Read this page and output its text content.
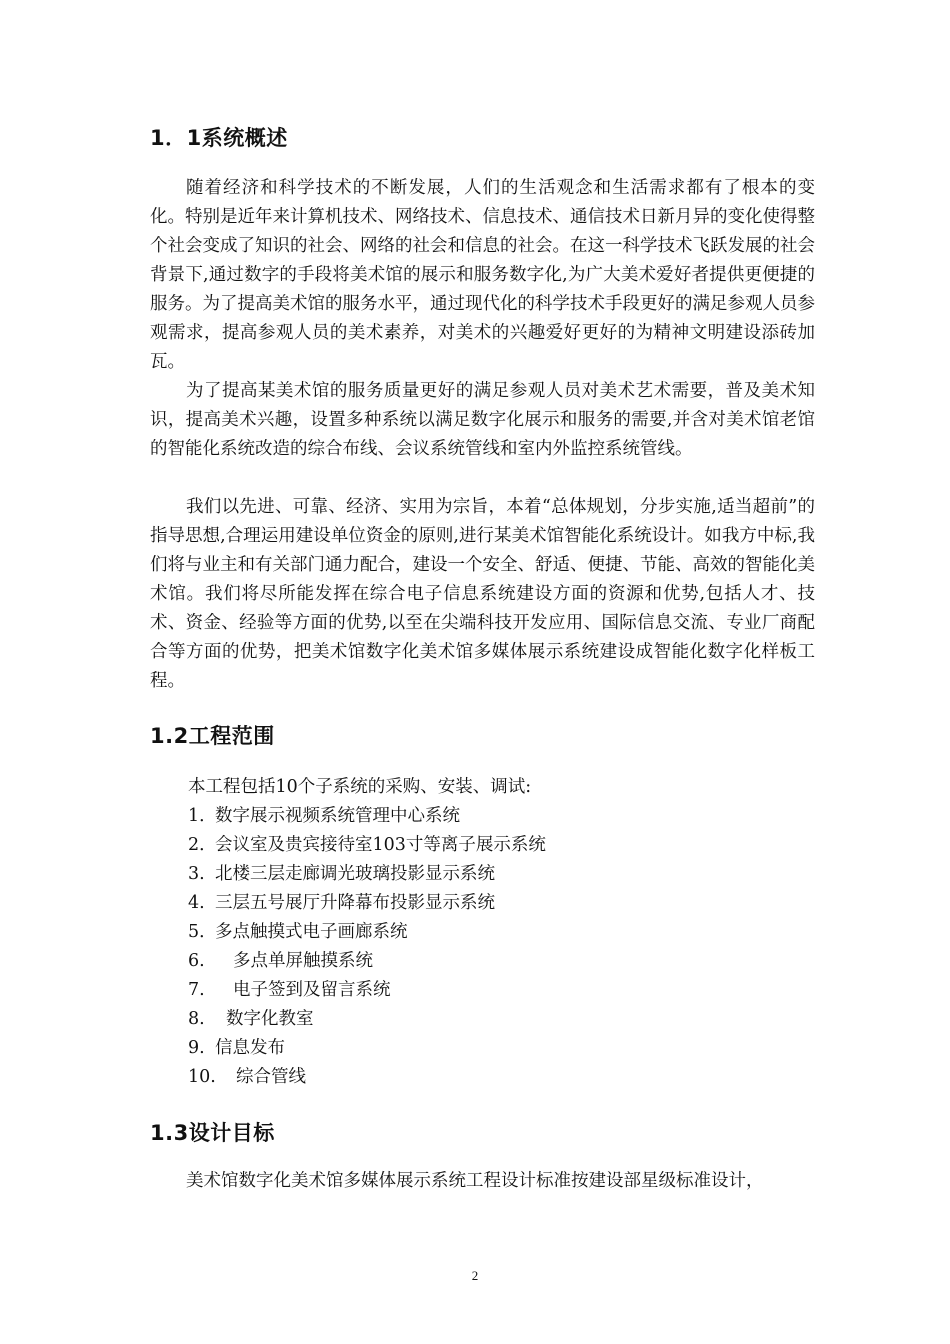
1．1系统概述

随着经济和科学技术的不断发展，人们的生活观念和生活需求都有了根本的变化。特别是近年来计算机技术、网络技术、信息技术、通信技术日新月异的变化使得整个社会变成了知识的社会、网络的社会和信息的社会。在这一科学技术飞跃发展的社会背景下,通过数字的手段将美术馆的展示和服务数字化,为广大美术爱好者提供更便捷的服务。为了提高美术馆的服务水平，通过现代化的科学技术手段更好的满足参观人员参观需求，提高参观人员的美术素养，对美术的兴趣爱好更好的为精神文明建设添砖加瓦。

为了提高某美术馆的服务质量更好的满足参观人员对美术艺术需要，普及美术知识，提高美术兴趣，设置多种系统以满足数字化展示和服务的需要,并含对美术馆老馆的智能化系统改造的综合布线、会议系统管线和室内外监控系统管线。

我们以先进、可靠、经济、实用为宗旨，本着“总体规划，分步实施,适当超前”的指导思想,合理运用建设单位资金的原则,进行某美术馆智能化系统设计。如我方中标,我们将与业主和有关部门通力配合，建设一个安全、舒适、便捷、节能、高效的智能化美术馆。我们将尽所能发挥在综合电子信息系统建设方面的资源和优势,包括人才、技术、资金、经验等方面的优势,以至在尖端科技开发应用、国际信息交流、专业厂商配合等方面的优势，把美术馆数字化美术馆多媒体展示系统建设成智能化数字化样板工程。

1.2工程范围

本工程包括10个子系统的采购、安装、调试:

1．数字展示视频系统管理中心系统
2．会议室及贵宾接待室103寸等离子展示系统
3. 北楼三层走廊调光玻璃投影显示系统
4. 三层五号展厅升降幕布投影显示系统
5．多点触摸式电子画廊系统
6. 多点单屏触摸系统
7. 电子签到及留言系统
8. 数字化教室
9. 信息发布
10. 综合管线
1.3设计目标

美术馆数字化美术馆多媒体展示系统工程设计标准按建设部星级标准设计，

2
